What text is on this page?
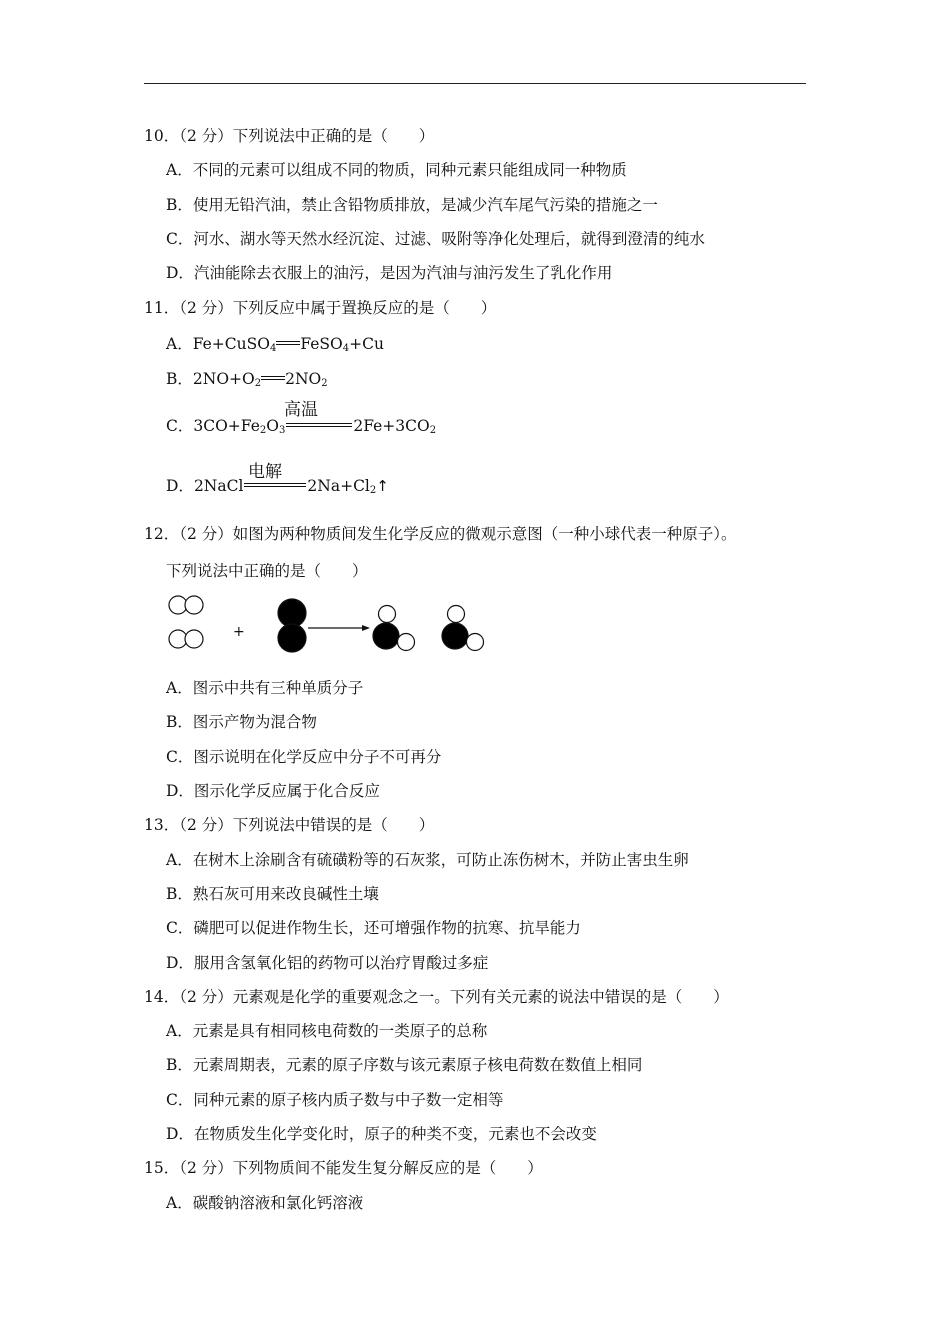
10．（2 分）下列说法中正确的是（　　）
A．不同的元素可以组成不同的物质，同种元素只能组成同一种物质
B．使用无铅汽油，禁止含铅物质排放，是减少汽车尾气污染的措施之一
C．河水、湖水等天然水经沉淀、过滤、吸附等净化处理后，就得到澄清的纯水
D．汽油能除去衣服上的油污，是因为汽油与油污发生了乳化作用
11．（2 分）下列反应中属于置换反应的是（　　）
A．Fe+CuSO$_4$ FeSO$_4$+Cu
B．$2NO+O_2$ $2NO_2$
高温
C．$3CO+Fe_2O_3$	$2Fe+3CO_2$
电解
D．2NaCl	$2Na+Cl_2↑$
12．（2 分）如图为两种物质间发生化学反应的微观示意图（一种小球代表一种原子）。
下列说法中正确的是（　　）
+
A．图示中共有三种单质分子
B．图示产物为混合物
C．图示说明在化学反应中分子不可再分
D．图示化学反应属于化合反应
13．（2 分）下列说法中错误的是（　　）
A．在树木上涂刷含有硫磺粉等的石灰浆，可防止冻伤树木，并防止害虫生卵
B．熟石灰可用来改良碱性土壤
C．磷肥可以促进作物生长，还可增强作物的抗寒、抗旱能力
D．服用含氢氧化铝的药物可以治疗胃酸过多症
14．（2 分）元素观是化学的重要观念之一。下列有关元素的说法中错误的是（　　）
A．元素是具有相同核电荷数的一类原子的总称
B．元素周期表，元素的原子序数与该元素原子核电荷数在数值上相同
C．同种元素的原子核内质子数与中子数一定相等
D．在物质发生化学变化时，原子的种类不变，元素也不会改变
15．（2 分）下列物质间不能发生复分解反应的是（　　）
A．碳酸钠溶液和氯化钙溶液
